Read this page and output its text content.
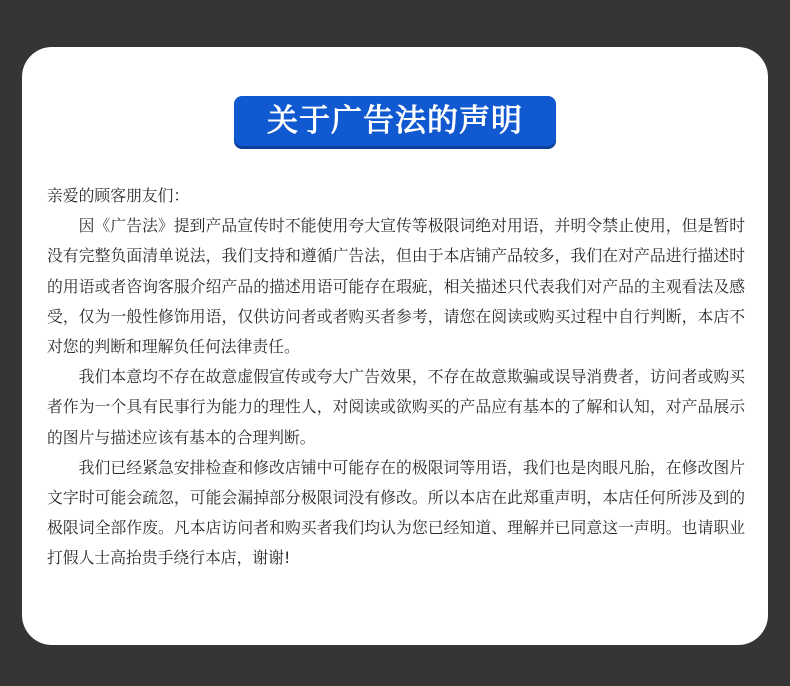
关于广告法的声明

亲爱的顾客朋友们：

因《广告法》提到产品宣传时不能使用夸大宣传等极限词绝对用语，并明令禁止使用，但是暂时没有完整负面清单说法，我们支持和遵循广告法，但由于本店铺产品较多，我们在对产品进行描述时的用语或者咨询客服介绍产品的描述用语可能存在瑕疵，相关描述只代表我们对产品的主观看法及感受，仅为一般性修饰用语，仅供访问者或者购买者参考，请您在阅读或购买过程中自行判断，本店不对您的判断和理解负任何法律责任。

我们本意均不存在故意虚假宣传或夸大广告效果，不存在故意欺骗或误导消费者，访问者或购买者作为一个具有民事行为能力的理性人，对阅读或欲购买的产品应有基本的了解和认知，对产品展示的图片与描述应该有基本的合理判断。

我们已经紧急安排检查和修改店铺中可能存在的极限词等用语，我们也是肉眼凡胎，在修改图片文字时可能会疏忽，可能会漏掉部分极限词没有修改。所以本店在此郑重声明，本店任何所涉及到的极限词全部作废。凡本店访问者和购买者我们均认为您已经知道、理解并已同意这一声明。也请职业打假人士高抬贵手绕行本店，谢谢!
